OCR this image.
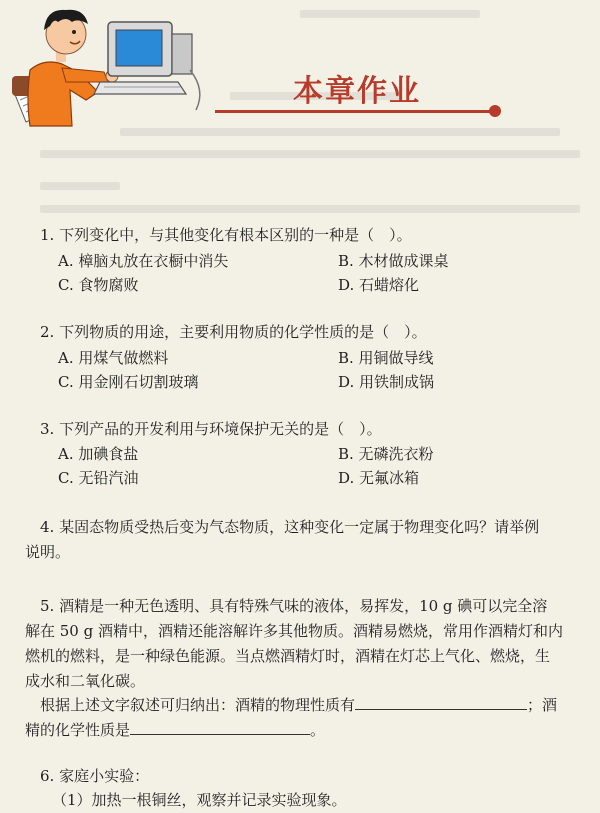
本章作业
1. 下列变化中，与其他变化有根本区别的一种是（　）。
A. 樟脑丸放在衣橱中消失	B. 木材做成课桌
C. 食物腐败	D. 石蜡熔化
2. 下列物质的用途，主要利用物质的化学性质的是（　）。
A. 用煤气做燃料	B. 用铜做导线
C. 用金刚石切割玻璃	D. 用铁制成锅
3. 下列产品的开发利用与环境保护无关的是（　）。
A. 加碘食盐	B. 无磷洗衣粉
C. 无铅汽油	D. 无氟冰箱
4. 某固态物质受热后变为气态物质，这种变化一定属于物理变化吗？请举例
说明。
5. 酒精是一种无色透明、具有特殊气味的液体，易挥发，10 g 碘可以完全溶
解在 50 g 酒精中，酒精还能溶解许多其他物质。酒精易燃烧，常用作酒精灯和内
燃机的燃料，是一种绿色能源。当点燃酒精灯时，酒精在灯芯上气化、燃烧，生
成水和二氧化碳。
根据上述文字叙述可归纳出：酒精的物理性质有	；酒
精的化学性质是	。
6. 家庭小实验：
（1）加热一根铜丝，观察并记录实验现象。
